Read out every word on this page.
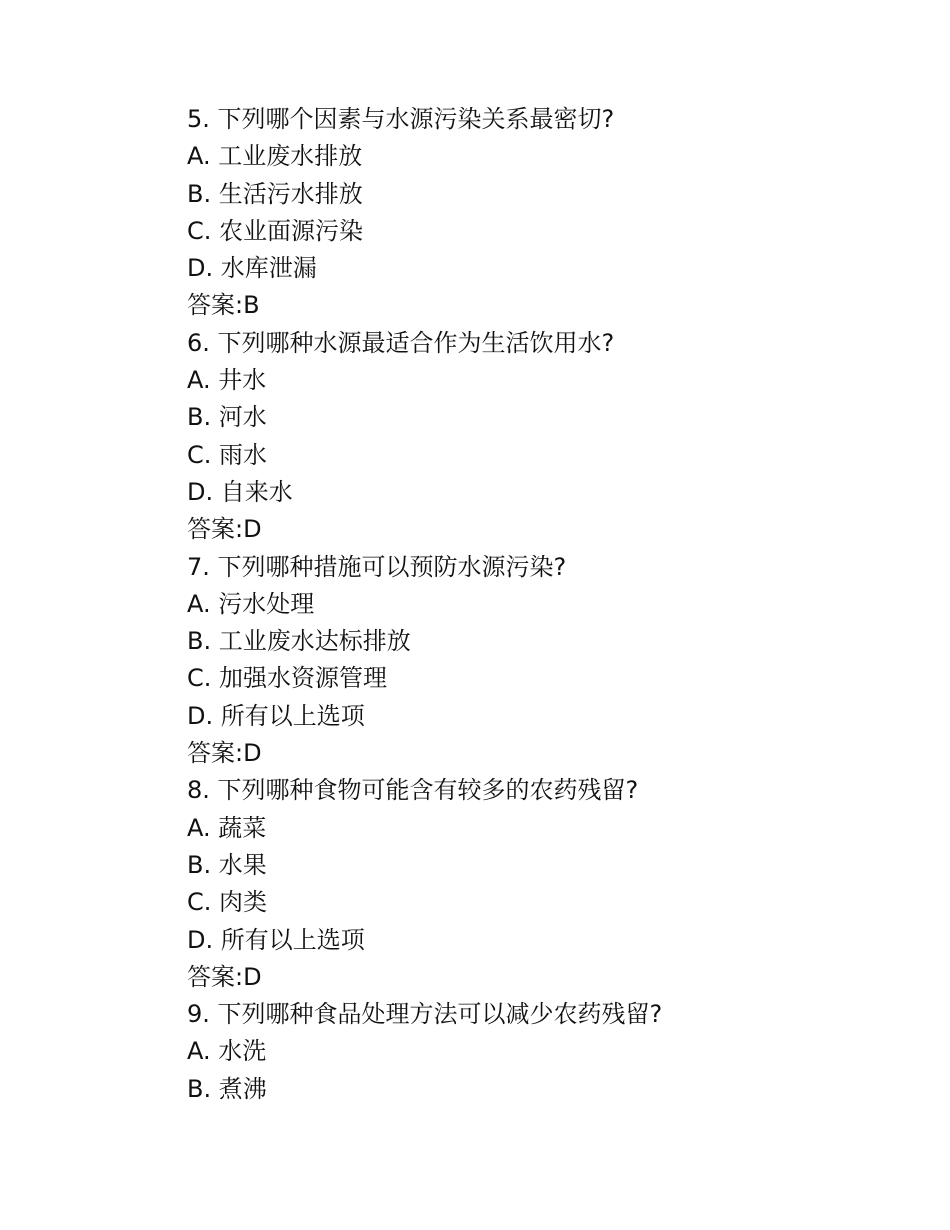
5. 下列哪个因素与水源污染关系最密切?
A. 工业废水排放
B. 生活污水排放
C. 农业面源污染
D. 水库泄漏
答案:B
6. 下列哪种水源最适合作为生活饮用水?
A. 井水
B. 河水
C. 雨水
D. 自来水
答案:D
7. 下列哪种措施可以预防水源污染?
A. 污水处理
B. 工业废水达标排放
C. 加强水资源管理
D. 所有以上选项
答案:D
8. 下列哪种食物可能含有较多的农药残留?
A. 蔬菜
B. 水果
C. 肉类
D. 所有以上选项
答案:D
9. 下列哪种食品处理方法可以减少农药残留?
A. 水洗
B. 煮沸
